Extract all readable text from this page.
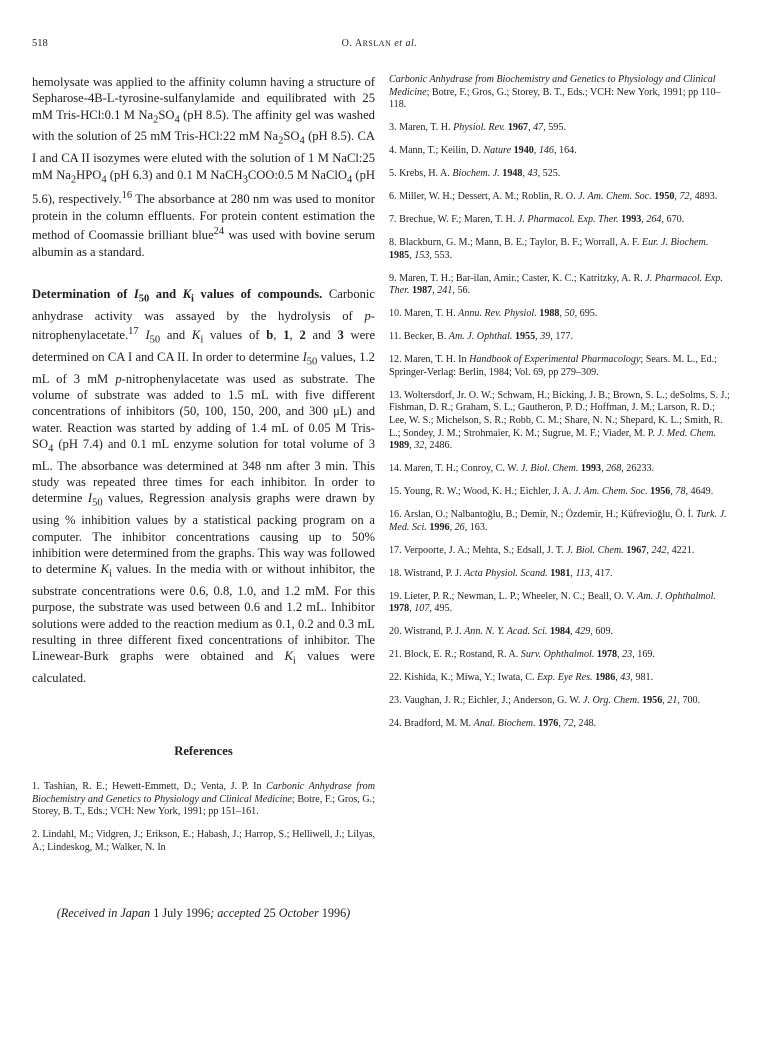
518	O. ARSLAN et al.

hemolysate was applied to the affinity column having a structure of Sepharose-4B-L-tyrosine-sulfanylamide and equilibrated with 25 mM Tris-HCl:0.1 M $Na_2SO_4$ (pH 8.5). The affinity gel was washed with the solution of 25 mM Tris-HCl:22 mM $Na_2SO_4$ (pH 8.5). CA I and CA II isozymes were eluted with the solution of 1 M NaCl:25 mM $Na_2HPO_4$ (pH 6.3) and 0.1 M NaCH$_3$COO:0.5 M NaClO$_4$ (pH 5.6), respectively.$^{16}$ The absorbance at 280 nm was used to monitor protein in the column effluents. For protein content estimation the method of Coomassie brilliant blue$^{24}$ was used with bovine serum albumin as a standard.

Determination of $I_{50}$ and $K_i$ values of compounds. Carbonic anhydrase activity was assayed by the hydrolysis of p-nitrophenylacetate.$^{17}$ $I_{50}$ and $K_i$ values of b, 1, 2 and 3 were determined on CA I and CA II. In order to determine $I_{50}$ values, 1.2 mL of 3 mM p-nitrophenylacetate was used as substrate. The volume of substrate was added to 1.5 mL with five different concentrations of inhibitors (50, 100, 150, 200, and 300 μL) and water. Reaction was started by adding of 1.4 mL of 0.05 M Tris-$SO_4$ (pH 7.4) and 0.1 mL enzyme solution for total volume of 3 mL. The absorbance was determined at 348 nm after 3 min. This study was repeated three times for each inhibitor. In order to determine $I_{50}$ values, Regression analysis graphs were drawn by using % inhibition values by a statistical packing program on a computer. The inhibitor concentrations causing up to 50% inhibition were determined from the graphs. This way was followed to determine $K_i$ values. In the media with or without inhibitor, the substrate concentrations were 0.6, 0.8, 1.0, and 1.2 mM. For this purpose, the substrate was used between 0.6 and 1.2 mL. Inhibitor solutions were added to the reaction medium as 0.1, 0.2 and 0.3 mL resulting in three different fixed concentrations of inhibitor. The Linewear-Burk graphs were obtained and $K_i$ values were calculated.

References

1. Tashian, R. E.; Hewett-Emmett, D.; Venta, J. P. In Carbonic Anhydrase from Biochemistry and Genetics to Physiology and Clinical Medicine; Botre, F.; Gros, G.; Storey, B. T., Eds.; VCH: New York, 1991; pp 151–161.

2. Lindahl, M.; Vidgren, J.; Erikson, E.; Habash, J.; Harrop, S.; Helliwell, J.; Lilyas, A.; Lindeskog, M.; Walker, N. In

Carbonic Anhydrase from Biochemistry and Genetics to Physiology and Clinical Medicine; Botre, F.; Gros, G.; Storey, B. T., Eds.; VCH: New York, 1991; pp 110–118.

3. Maren, T. H. Physiol. Rev. 1967, 47, 595.

4. Mann, T.; Keilin, D. Nature 1940, 146, 164.

5. Krebs, H. A. Biochem. J. 1948, 43, 525.

6. Miller, W. H.; Dessert, A. M.; Roblin, R. O. J. Am. Chem. Soc. 1950, 72, 4893.

7. Brechue, W. F.; Maren, T. H. J. Pharmacol. Exp. Ther. 1993, 264, 670.

8. Blackburn, G. M.; Mann, B. E.; Taylor, B. F.; Worrall, A. F. Eur. J. Biochem. 1985, 153, 553.

9. Maren, T. H.; Bar-ilan, Amir.; Caster, K. C.; Katritzky, A. R. J. Pharmacol. Exp. Ther. 1987, 241, 56.

10. Maren, T. H. Annu. Rev. Physiol. 1988, 50, 695.

11. Becker, B. Am. J. Ophthal. 1955, 39, 177.

12. Maren, T. H. In Handbook of Experimental Pharmacology; Sears. M. L., Ed.; Springer-Verlag: Berlin, 1984; Vol. 69, pp 279–309.

13. Woltersdorf, Jr. O. W.; Schwam, H.; Bicking, J. B.; Brown, S. L.; deSolms, S. J.; Fishman, D. R.; Graham, S. L.; Gautheron, P. D.; Hoffman, J. M.; Larson, R. D.; Lee, W. S.; Michelson, S. R.; Robb, C. M.; Share, N. N.; Shepard, K. L.; Smith, R. L.; Sondey, J. M.; Strohmaier, K. M.; Sugrue, M. F.; Viader, M. P. J. Med. Chem. 1989, 32, 2486.

14. Maren, T. H.; Conroy, C. W. J. Biol. Chem. 1993, 268, 26233.

15. Young, R. W.; Wood, K. H.; Eichler, J. A. J. Am. Chem. Soc. 1956, 78, 4649.

16. Arslan, O.; Nalbantoğlu, B.; Demir, N.; Özdemir, H.; Küfrevioğlu, Ö. İ. Turk. J. Med. Sci. 1996, 26, 163.

17. Verpoorte, J. A.; Mehta, S.; Edsall, J. T. J. Biol. Chem. 1967, 242, 4221.

18. Wistrand, P. J. Acta Physiol. Scand. 1981, 113, 417.

19. Lieter, P. R.; Newman, L. P.; Wheeler, N. C.; Beall, O. V. Am. J. Ophthalmol. 1978, 107, 495.

20. Wistrand, P. J. Ann. N. Y. Acad. Sci. 1984, 429, 609.

21. Block, E. R.; Rostand, R. A. Surv. Ophthalmol. 1978, 23, 169.

22. Kishida, K.; Miwa, Y.; Iwata, C. Exp. Eye Res. 1986, 43, 981.

23. Vaughan, J. R.; Eichler, J.; Anderson, G. W. J. Org. Chem. 1956, 21, 700.

24. Bradford, M. M. Anal. Biochem. 1976, 72, 248.

(Received in Japan 1 July 1996; accepted 25 October 1996)
